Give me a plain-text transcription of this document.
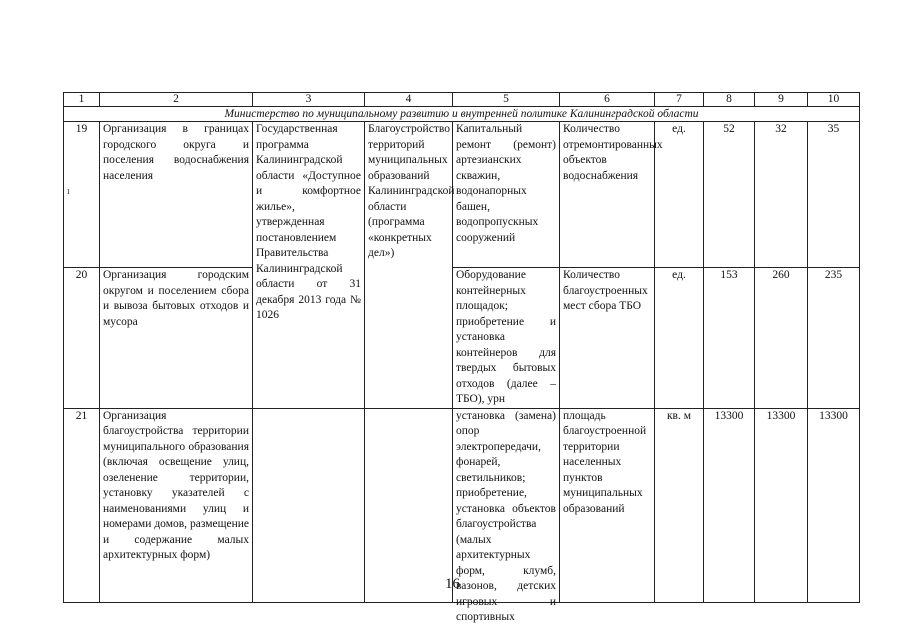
ı
1	2	3	4	5	6	7	8	9	10
Министерство по муниципальному развитию и внутренней политике Калининградской области									
19	Организация в границах городского округа и поселения водоснабжения населения	Государственная программа Калининградской области «Доступное и комфортное жилье», утвержденная постановлением Правительства Калининградской области от 31 декабря 2013 года № 1026	Благоустройство территорий муниципальных образований Калининградской области (программа «конкретных дел»)	Капитальный ремонт (ремонт) артезианских скважин, водонапорных башен, водопропускных сооружений	Количество отремонтированных объектов водоснабжения	ед.	52	32	35
20	Организация городским округом и поселением сбора и вывоза бытовых отходов и мусора			Оборудование контейнерных площадок; приобретение и установка контейнеров для твердых бытовых отходов (далее – ТБО), урн	Количество благоустроенных мест сбора ТБО	ед.	153	260	235
21	Организация благоустройства территории муниципального образования (включая освещение улиц, озеленение территории, установку указателей с наименованиями улиц и номерами домов, размещение и содержание малых архитектурных форм)			установка (замена) опор электропередачи, фонарей, светильников; приобретение, установка объектов благоустройства (малых архитектурных форм, клумб, вазонов, детских игровых и спортивных	площадь благоустроенной территории населенных пунктов муниципальных образований	кв. м	13300	13300	13300
16
